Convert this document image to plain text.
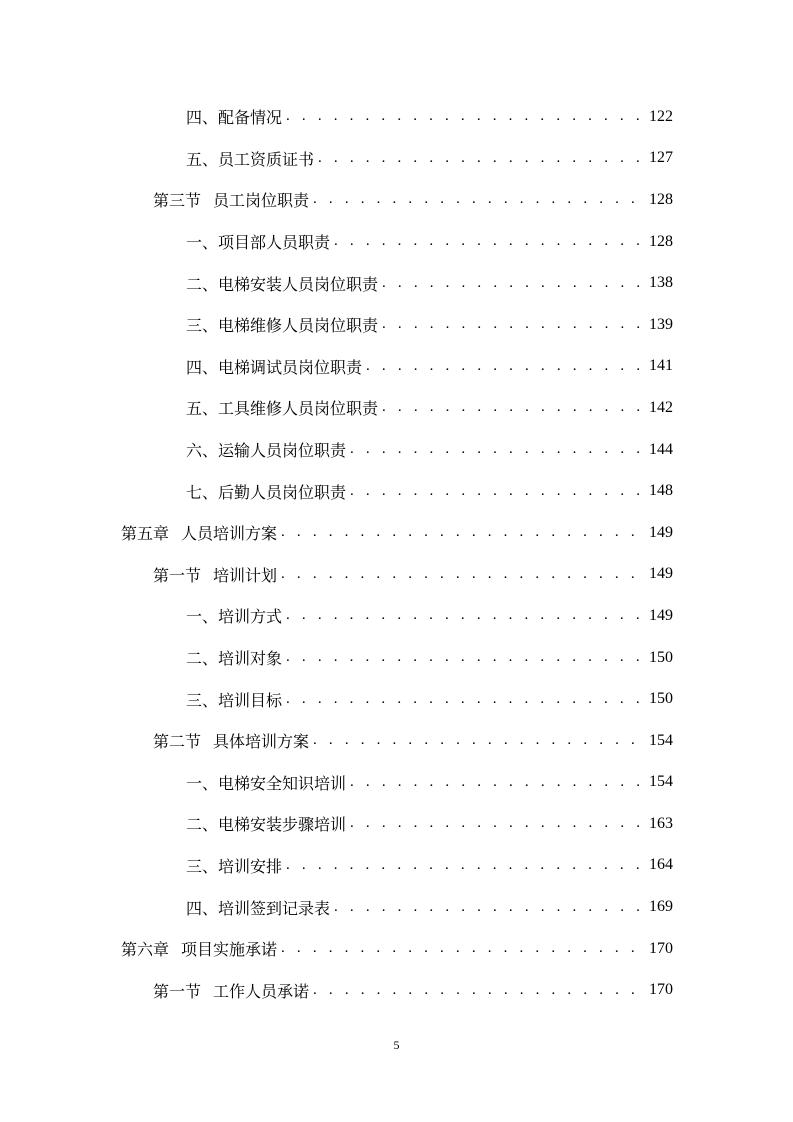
四、配备情况 . . .	122
五、员工资质证书 . . .	127
第三节 员工岗位职责 . . .	128
一、项目部人员职责 . . .	128
二、电梯安装人员岗位职责 . . .	138
三、电梯维修人员岗位职责 . . .	139
四、电梯调试员岗位职责 . . .	141
五、工具维修人员岗位职责 . . .	142
六、运输人员岗位职责 . . .	144
七、后勤人员岗位职责 . . .	148
第五章 人员培训方案 . . .	149
第一节 培训计划 . . .	149
一、培训方式 . . .	149
二、培训对象 . . .	150
三、培训目标 . . .	150
第二节 具体培训方案 . . .	154
一、电梯安全知识培训 . . .	154
二、电梯安装步骤培训 . . .	163
三、培训安排 . . .	164
四、培训签到记录表 . . .	169
第六章 项目实施承诺 . . .	170
第一节 工作人员承诺 . . .	170
5
